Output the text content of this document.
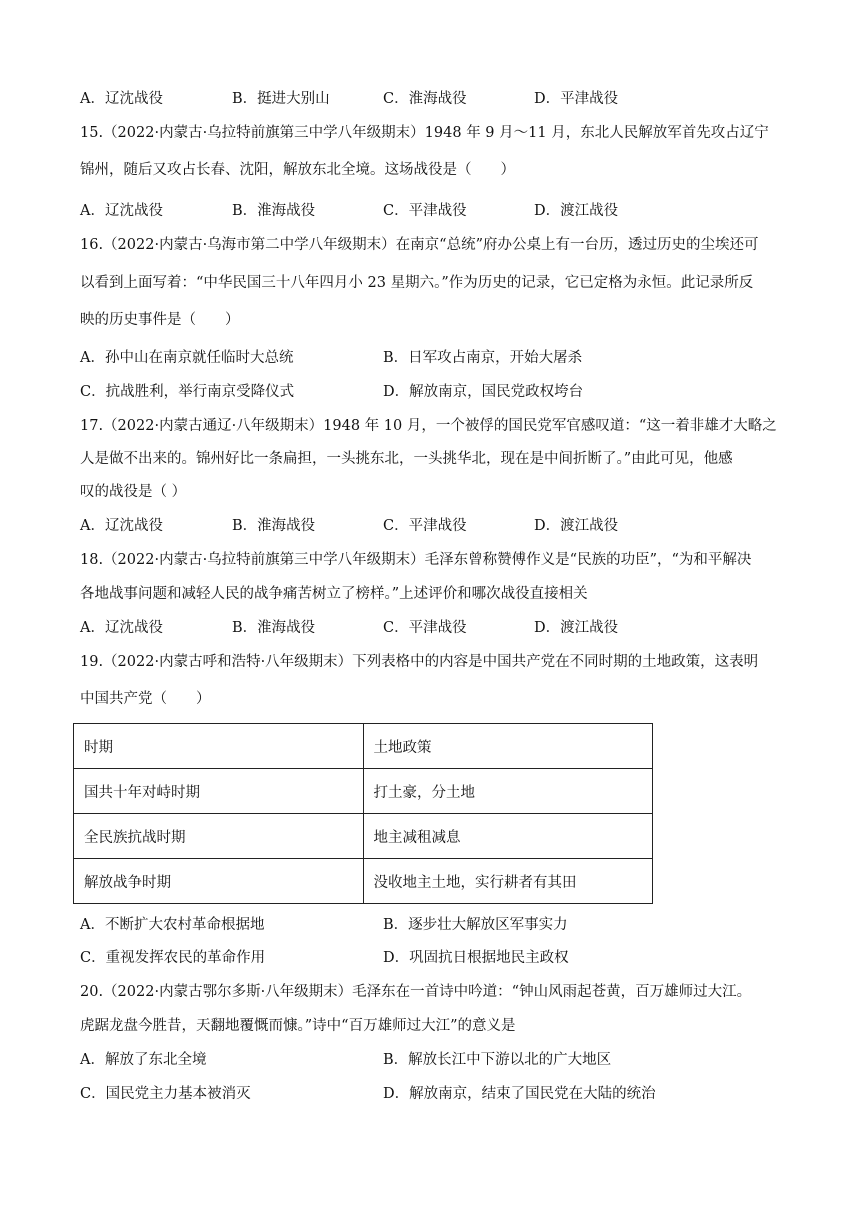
A．辽沈战役	B．挺进大别山	C．淮海战役	D．平津战役
15.（2022·内蒙古·乌拉特前旗第三中学八年级期末）1948 年 9 月～11 月，东北人民解放军首先攻占辽宁
锦州，随后又攻占长春、沈阳，解放东北全境。这场战役是（　　）
A．辽沈战役	B．淮海战役	C．平津战役	D．渡江战役
16.（2022·内蒙古·乌海市第二中学八年级期末）在南京“总统”府办公桌上有一台历，透过历史的尘埃还可
以看到上面写着：“中华民国三十八年四月小 23 星期六。”作为历史的记录，它已定格为永恒。此记录所反
映的历史事件是（　　）
A．孙中山在南京就任临时大总统	B．日军攻占南京，开始大屠杀
C．抗战胜利，举行南京受降仪式	D．解放南京，国民党政权垮台
17.（2022·内蒙古通辽·八年级期末）1948 年 10 月，一个被俘的国民党军官感叹道：“这一着非雄才大略之
人是做不出来的。锦州好比一条扁担，一头挑东北，一头挑华北，现在是中间折断了。”由此可见，他感
叹的战役是（ ）
A．辽沈战役	B．淮海战役	C．平津战役	D．渡江战役
18.（2022·内蒙古·乌拉特前旗第三中学八年级期末）毛泽东曾称赞傅作义是“民族的功臣”，“为和平解决
各地战事问题和减轻人民的战争痛苦树立了榜样。”上述评价和哪次战役直接相关
A．辽沈战役	B．淮海战役	C．平津战役	D．渡江战役
19.（2022·内蒙古呼和浩特·八年级期末）下列表格中的内容是中国共产党在不同时期的土地政策，这表明
中国共产党（　　）
时期	土地政策
国共十年对峙时期	打土豪，分土地
全民族抗战时期	地主减租减息
解放战争时期	没收地主土地，实行耕者有其田
A．不断扩大农村革命根据地	B．逐步壮大解放区军事实力
C．重视发挥农民的革命作用	D．巩固抗日根据地民主政权
20.（2022·内蒙古鄂尔多斯·八年级期末）毛泽东在一首诗中吟道：“钟山风雨起苍黄，百万雄师过大江。
虎踞龙盘今胜昔，天翻地覆慨而慷。”诗中“百万雄师过大江”的意义是
A．解放了东北全境	B．解放长江中下游以北的广大地区
C．国民党主力基本被消灭	D．解放南京，结束了国民党在大陆的统治
